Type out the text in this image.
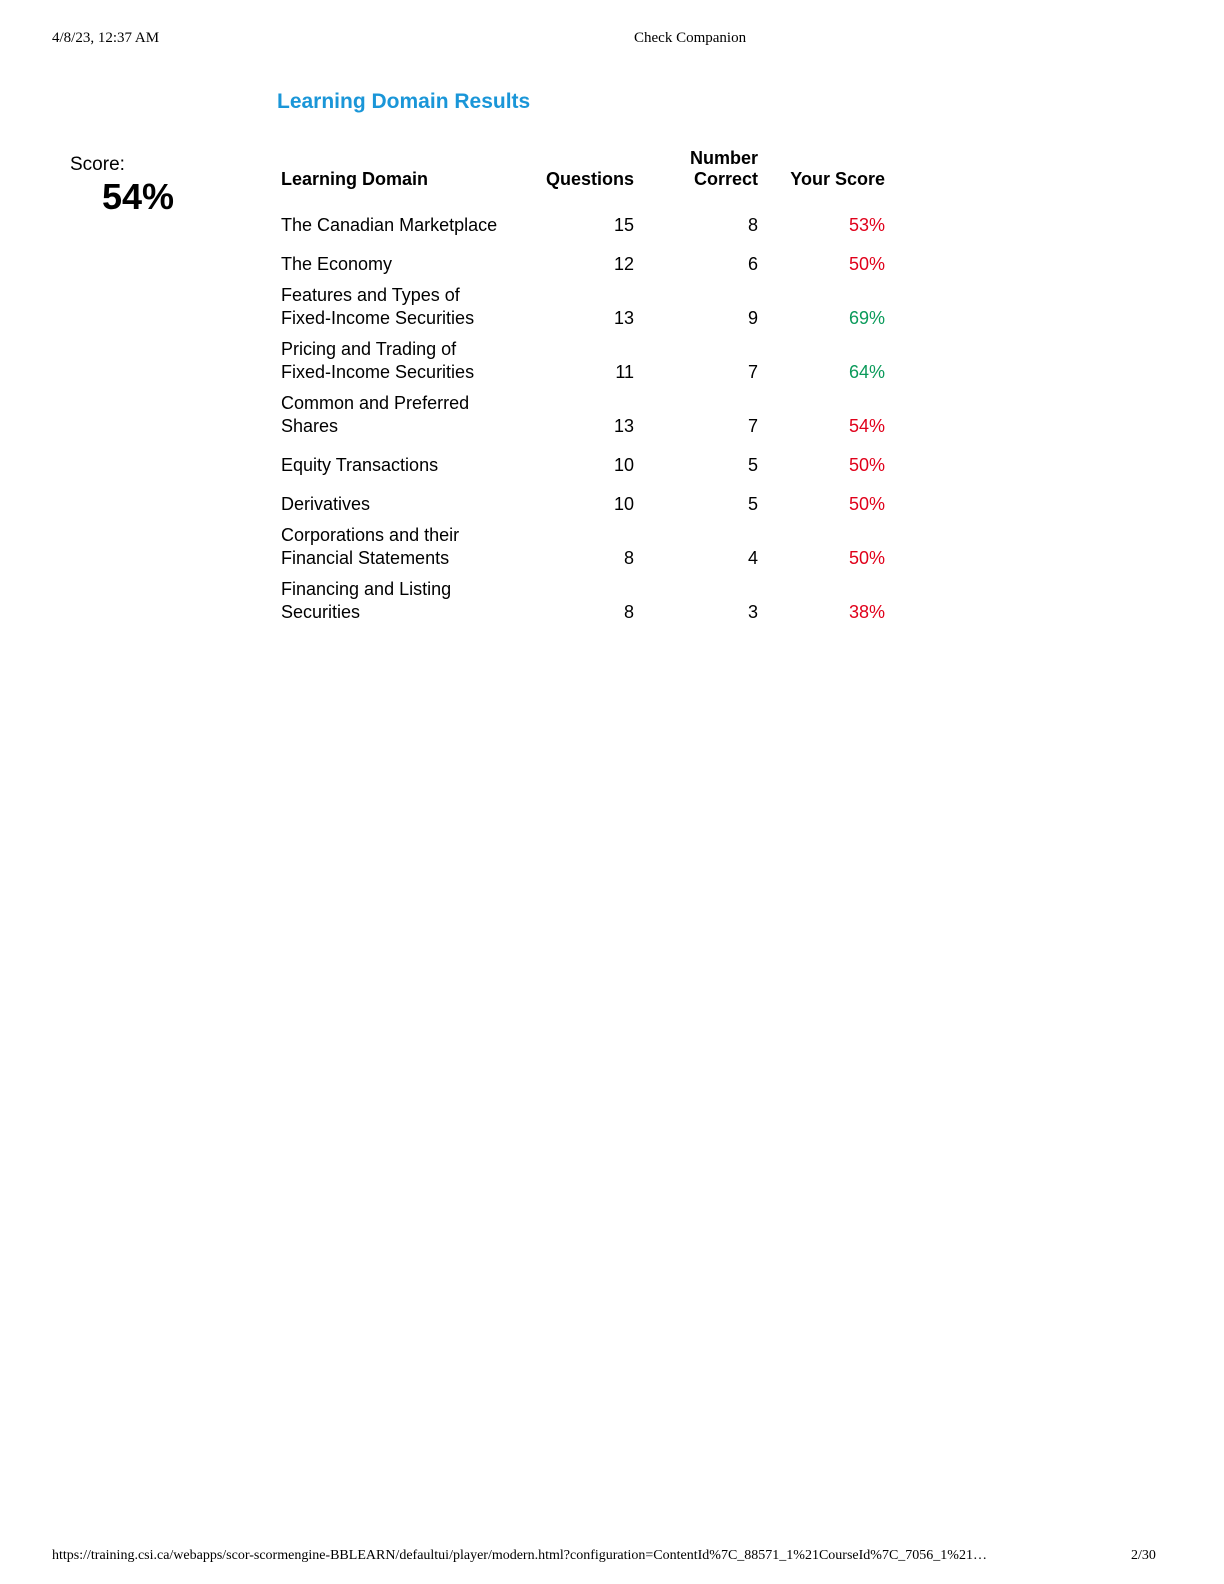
4/8/23, 12:37 AM	Check Companion
Learning Domain Results
Score:
54%	Learning Domain	Questions	Number
Correct	Your Score
The Canadian Marketplace	15	8	53%
The Economy	12	6	50%
Features and Types of
Fixed-Income Securities	13	9	69%
Pricing and Trading of
Fixed-Income Securities	11	7	64%
Common and Preferred
Shares	13	7	54%
Equity Transactions	10	5	50%
Derivatives	10	5	50%
Corporations and their
Financial Statements	8	4	50%
Financing and Listing
Securities	8	3	38%
https://training.csi.ca/webapps/scor-scormengine-BBLEARN/defaultui/player/modern.html?configuration=ContentId%7C_88571_1%21CourseId%7C_7056_1%21…	2/30
